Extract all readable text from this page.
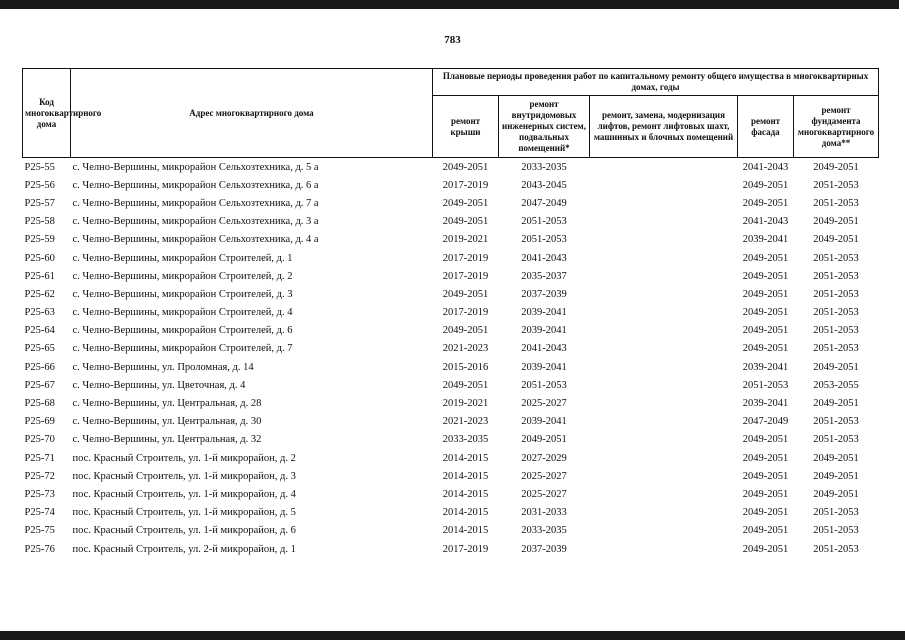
783
Код многоквартирного дома	Адрес многоквартирного дома	Плановые периоды проведения работ по капитальному ремонту общего имущества в многоквартирных домах, годы				
		ремонт крыши	ремонт внутридомовых инженерных систем, подвальных помещений*	ремонт, замена, модернизация лифтов, ремонт лифтовых шахт, машинных и блочных помещений	ремонт фасада	ремонт фундамента многоквартирного дома**
Р25-55	с. Челно-Вершины, микрорайон Сельхозтехника, д. 5 а	2049-2051	2033-2035		2041-2043	2049-2051
Р25-56	с. Челно-Вершины, микрорайон Сельхозтехника, д. 6 а	2017-2019	2043-2045		2049-2051	2051-2053
Р25-57	с. Челно-Вершины, микрорайон Сельхозтехника, д. 7 а	2049-2051	2047-2049		2049-2051	2051-2053
Р25-58	с. Челно-Вершины, микрорайон Сельхозтехника, д. 3 а	2049-2051	2051-2053		2041-2043	2049-2051
Р25-59	с. Челно-Вершины, микрорайон Сельхозтехника, д. 4 а	2019-2021	2051-2053		2039-2041	2049-2051
Р25-60	с. Челно-Вершины, микрорайон Строителей, д. 1	2017-2019	2041-2043		2049-2051	2051-2053
Р25-61	с. Челно-Вершины, микрорайон Строителей, д. 2	2017-2019	2035-2037		2049-2051	2051-2053
Р25-62	с. Челно-Вершины, микрорайон Строителей, д. 3	2049-2051	2037-2039		2049-2051	2051-2053
Р25-63	с. Челно-Вершины, микрорайон Строителей, д. 4	2017-2019	2039-2041		2049-2051	2051-2053
Р25-64	с. Челно-Вершины, микрорайон Строителей, д. 6	2049-2051	2039-2041		2049-2051	2051-2053
Р25-65	с. Челно-Вершины, микрорайон Строителей, д. 7	2021-2023	2041-2043		2049-2051	2051-2053
Р25-66	с. Челно-Вершины, ул. Проломная, д. 14	2015-2016	2039-2041		2039-2041	2049-2051
Р25-67	с. Челно-Вершины, ул. Цветочная, д. 4	2049-2051	2051-2053		2051-2053	2053-2055
Р25-68	с. Челно-Вершины, ул. Центральная, д. 28	2019-2021	2025-2027		2039-2041	2049-2051
Р25-69	с. Челно-Вершины, ул. Центральная, д. 30	2021-2023	2039-2041		2047-2049	2051-2053
Р25-70	с. Челно-Вершины, ул. Центральная, д. 32	2033-2035	2049-2051		2049-2051	2051-2053
Р25-71	пос. Красный Строитель, ул. 1-й микрорайон, д. 2	2014-2015	2027-2029		2049-2051	2049-2051
Р25-72	пос. Красный Строитель, ул. 1-й микрорайон, д. 3	2014-2015	2025-2027		2049-2051	2049-2051
Р25-73	пос. Красный Строитель, ул. 1-й микрорайон, д. 4	2014-2015	2025-2027		2049-2051	2049-2051
Р25-74	пос. Красный Строитель, ул. 1-й микрорайон, д. 5	2014-2015	2031-2033		2049-2051	2051-2053
Р25-75	пос. Красный Строитель, ул. 1-й микрорайон, д. 6	2014-2015	2033-2035		2049-2051	2051-2053
Р25-76	пос. Красный Строитель, ул. 2-й микрорайон, д. 1	2017-2019	2037-2039		2049-2051	2051-2053
